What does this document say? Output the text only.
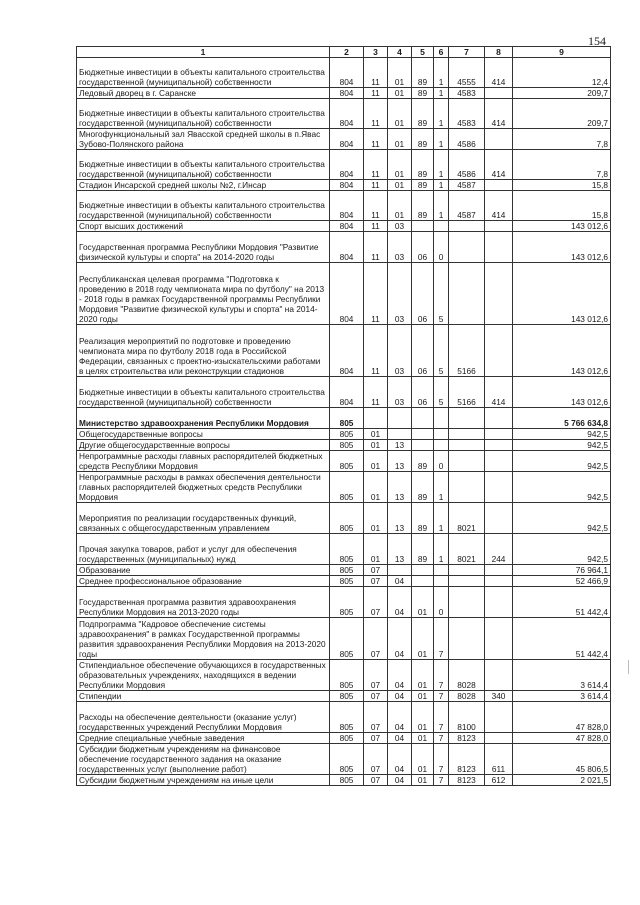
154
1	2	3	4	5	6	7	8	9
Бюджетные инвестиции в объекты капитального строительства государственной (муниципальной) собственности	804	11	01	89	1	4555	414	12,4
Ледовый дворец в г. Саранске	804	11	01	89	1	4583		209,7
Бюджетные инвестиции в объекты капитального строительства государственной (муниципальной) собственности	804	11	01	89	1	4583	414	209,7
Многофункциональный зал Явасской средней школы в п.Явас Зубово-Полянского района	804	11	01	89	1	4586		7,8
Бюджетные инвестиции в объекты капитального строительства государственной (муниципальной) собственности	804	11	01	89	1	4586	414	7,8
Стадион Инсарской средней школы №2, г.Инсар	804	11	01	89	1	4587		15,8
Бюджетные инвестиции в объекты капитального строительства государственной (муниципальной) собственности	804	11	01	89	1	4587	414	15,8
Спорт высших достижений	804	11	03					143 012,6
Государственная программа Республики Мордовия "Развитие физической культуры и спорта" на 2014-2020 годы	804	11	03	06	0			143 012,6
Республиканская целевая программа "Подготовка к проведению в 2018 году чемпионата мира по футболу" на 2013 - 2018 годы в рамках Государственной программы Республики Мордовия "Развитие физической культуры и спорта" на 2014-2020 годы	804	11	03	06	5			143 012,6
Реализация мероприятий по подготовке и проведению чемпионата мира по футболу 2018 года в Российской Федерации, связанных с проектно-изыскательскими работами в целях строительства или реконструкции стадионов	804	11	03	06	5	5166		143 012,6
Бюджетные инвестиции в объекты капитального строительства государственной (муниципальной) собственности	804	11	03	06	5	5166	414	143 012,6
Министерство здравоохранения Республики Мордовия	805							5 766 634,8
Общегосударственные вопросы	805	01						942,5
Другие общегосударственные вопросы	805	01	13					942,5
Непрограммные расходы главных распорядителей бюджетных средств Республики Мордовия	805	01	13	89	0			942,5
Непрограммные расходы в рамках обеспечения деятельности главных распорядителей бюджетных средств Республики Мордовия	805	01	13	89	1			942,5
Мероприятия по реализации государственных функций, связанных с общегосударственным управлением	805	01	13	89	1	8021		942,5
Прочая закупка товаров, работ и услуг для обеспечения государственных (муниципальных) нужд	805	01	13	89	1	8021	244	942,5
Образование	805	07						76 964,1
Среднее профессиональное образование	805	07	04					52 466,9
Государственная программа развития здравоохранения Республики Мордовия на 2013-2020 годы	805	07	04	01	0			51 442,4
Подпрограмма "Кадровое обеспечение системы здравоохранения" в рамках Государственной программы развития здравоохранения Республики Мордовия на 2013-2020 годы	805	07	04	01	7			51 442,4
Стипендиальное обеспечение обучающихся в государственных образовательных учреждениях, находящихся в ведении Республики Мордовия	805	07	04	01	7	8028		3 614,4
Стипендии	805	07	04	01	7	8028	340	3 614,4
Расходы на обеспечение деятельности (оказание услуг) государственных учреждений Республики Мордовия	805	07	04	01	7	8100		47 828,0
Средние специальные учебные заведения	805	07	04	01	7	8123		47 828,0
Субсидии бюджетным учреждениям на финансовое обеспечение государственного задания на оказание государственных услуг (выполнение работ)	805	07	04	01	7	8123	611	45 806,5
Субсидии бюджетным учреждениям на иные цели	805	07	04	01	7	8123	612	2 021,5
